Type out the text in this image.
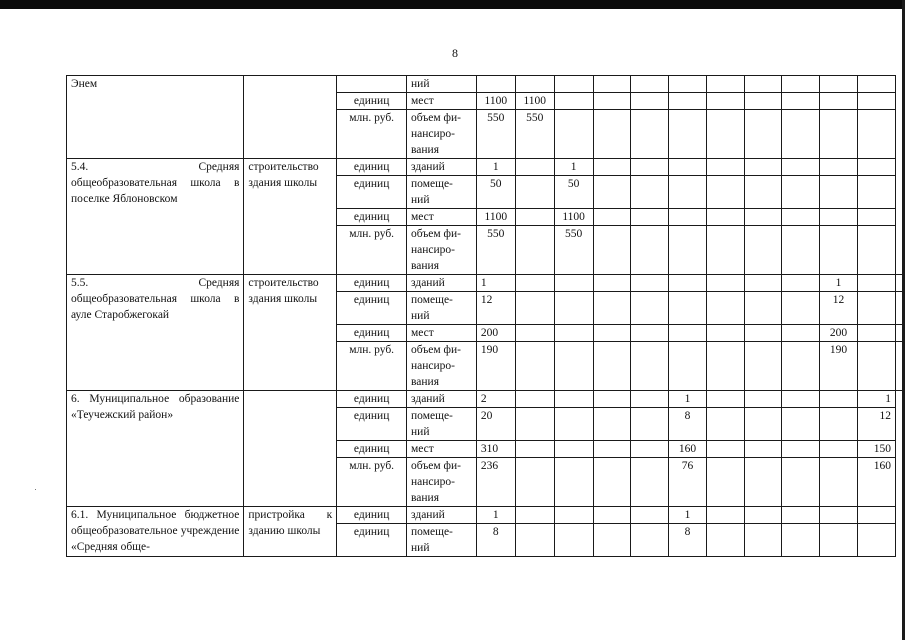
8
Энем			ний												
		единиц	мест	1100	1100										
		млн. руб.	объем фи-
нансиро-
вания	550	550										
5.4. Средняя общеобразовательная школа в поселке Яблоновском	строительство здания школы	единиц	зданий	1		1									
		единиц	помеще-
ний	50		50									
		единиц	мест	1100		1100									
		млн. руб.	объем фи-
нансиро-
вания	550		550									
5.5. Средняя общеобразовательная школа в ауле Старобжегокай	строительство здания школы	единиц	зданий	1									1		
		единиц	помеще-
ний	12									12		
		единиц	мест	200									200		
		млн. руб.	объем фи-
нансиро-
вания	190									190		
6. Муниципальное образование «Теучежский район»		единиц	зданий	2					1					1	
		единиц	помеще-
ний	20					8					12	
		единиц	мест	310					160					150	
		млн. руб.	объем фи-
нансиро-
вания	236					76					160	
6.1. Муниципальное бюджетное общеобразовательное учреждение «Средняя обще-	пристройка к зданию школы	единиц	зданий	1					1						
		единиц	помеще-
ний	8					8						
